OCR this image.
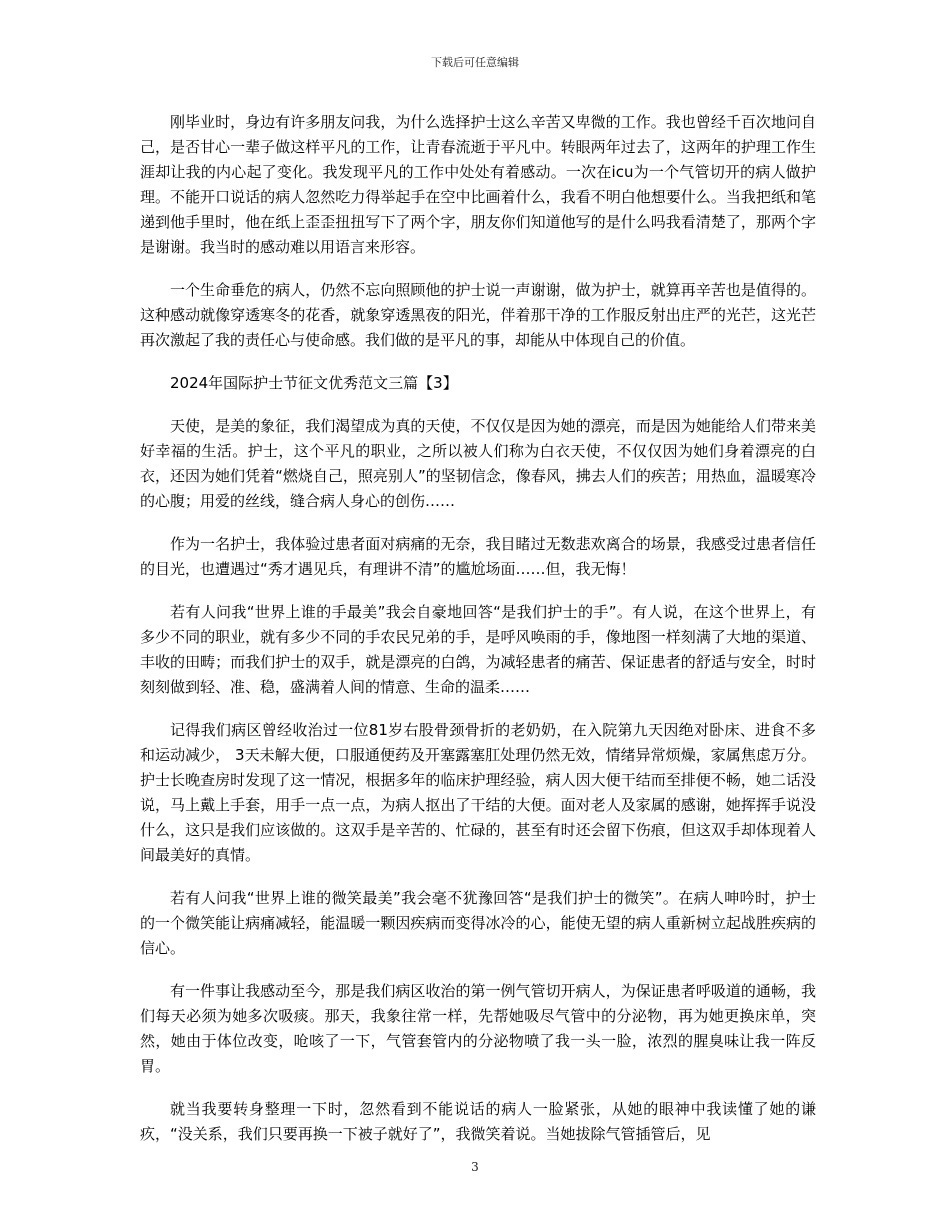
下载后可任意编辑

刚毕业时，身边有许多朋友问我，为什么选择护士这么辛苦又卑微的工作。我也曾经千百次地问自己，是否甘心一辈子做这样平凡的工作，让青春流逝于平凡中。转眼两年过去了，这两年的护理工作生涯却让我的内心起了变化。我发现平凡的工作中处处有着感动。一次在icu为一个气管切开的病人做护理。不能开口说话的病人忽然吃力得举起手在空中比画着什么，我看不明白他想要什么。当我把纸和笔递到他手里时，他在纸上歪歪扭扭写下了两个字，朋友你们知道他写的是什么吗我看清楚了，那两个字是谢谢。我当时的感动难以用语言来形容。

一个生命垂危的病人，仍然不忘向照顾他的护士说一声谢谢，做为护士，就算再辛苦也是值得的。这种感动就像穿透寒冬的花香，就象穿透黑夜的阳光，伴着那干净的工作服反射出庄严的光芒，这光芒再次激起了我的责任心与使命感。我们做的是平凡的事，却能从中体现自己的价值。

2024年国际护士节征文优秀范文三篇【3】

天使，是美的象征，我们渴望成为真的天使，不仅仅是因为她的漂亮，而是因为她能给人们带来美好幸福的生活。护士，这个平凡的职业，之所以被人们称为白衣天使，不仅仅因为她们身着漂亮的白衣，还因为她们凭着“燃烧自己，照亮别人”的坚韧信念，像春风，拂去人们的疾苦；用热血，温暖寒冷的心腹；用爱的丝线，缝合病人身心的创伤……

作为一名护士，我体验过患者面对病痛的无奈，我目睹过无数悲欢离合的场景，我感受过患者信任的目光，也遭遇过“秀才遇见兵，有理讲不清”的尴尬场面……但，我无悔！

若有人问我“世界上谁的手最美”我会自豪地回答“是我们护士的手”。有人说，在这个世界上，有多少不同的职业，就有多少不同的手农民兄弟的手，是呼风唤雨的手，像地图一样刻满了大地的渠道、丰收的田畴；而我们护士的双手，就是漂亮的白鸽，为减轻患者的痛苦、保证患者的舒适与安全，时时刻刻做到轻、准、稳，盛满着人间的情意、生命的温柔……

记得我们病区曾经收治过一位81岁右股骨颈骨折的老奶奶，在入院第九天因绝对卧床、进食不多和运动减少， 3天未解大便，口服通便药及开塞露塞肛处理仍然无效，情绪异常烦燥，家属焦虑万分。护士长晚查房时发现了这一情况，根据多年的临床护理经验，病人因大便干结而至排便不畅，她二话没说，马上戴上手套，用手一点一点，为病人抠出了干结的大便。面对老人及家属的感谢，她挥挥手说没什么，这只是我们应该做的。这双手是辛苦的、忙碌的，甚至有时还会留下伤痕，但这双手却体现着人间最美好的真情。

若有人问我“世界上谁的微笑最美”我会毫不犹豫回答“是我们护士的微笑”。在病人呻吟时，护士的一个微笑能让病痛减轻，能温暖一颗因疾病而变得冰冷的心，能使无望的病人重新树立起战胜疾病的信心。

有一件事让我感动至今，那是我们病区收治的第一例气管切开病人，为保证患者呼吸道的通畅，我们每天必须为她多次吸痰。那天，我象往常一样，先帮她吸尽气管中的分泌物，再为她更换床单，突然，她由于体位改变，呛咳了一下，气管套管内的分泌物喷了我一头一脸，浓烈的腥臭味让我一阵反胃。

就当我要转身整理一下时，忽然看到不能说话的病人一脸紧张，从她的眼神中我读懂了她的谦疚，“没关系，我们只要再换一下被子就好了”，我微笑着说。当她拔除气管插管后，见

3
